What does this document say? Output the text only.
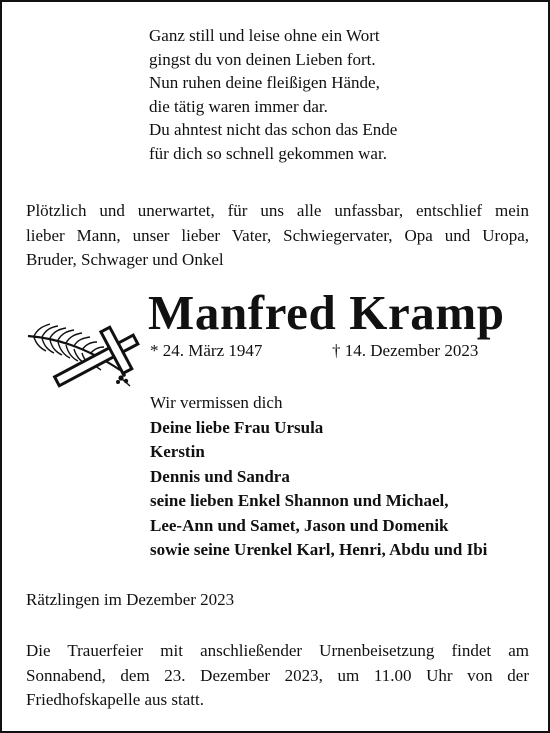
Ganz still und leise ohne ein Wort
gingst du von deinen Lieben fort.
Nun ruhen deine fleißigen Hände,
die tätig waren immer dar.
Du ahntest nicht das schon das Ende
für dich so schnell gekommen war.
Plötzlich und unerwartet, für uns alle unfassbar, entschlief mein
lieber Mann, unser lieber Vater, Schwiegervater, Opa und Uropa,
Bruder, Schwager und Onkel
Manfred Kramp
* 24. März 1947	† 14. Dezember 2023
Wir vermissen dich
Deine liebe Frau Ursula
Kerstin
Dennis und Sandra
seine lieben Enkel Shannon und Michael,
Lee-Ann und Samet, Jason und Domenik
sowie seine Urenkel Karl, Henri, Abdu und Ibi
Rätzlingen im Dezember 2023
Die Trauerfeier mit anschließender Urnenbeisetzung findet am
Sonnabend, dem 23. Dezember 2023, um 11.00 Uhr von der
Friedhofskapelle aus statt.
